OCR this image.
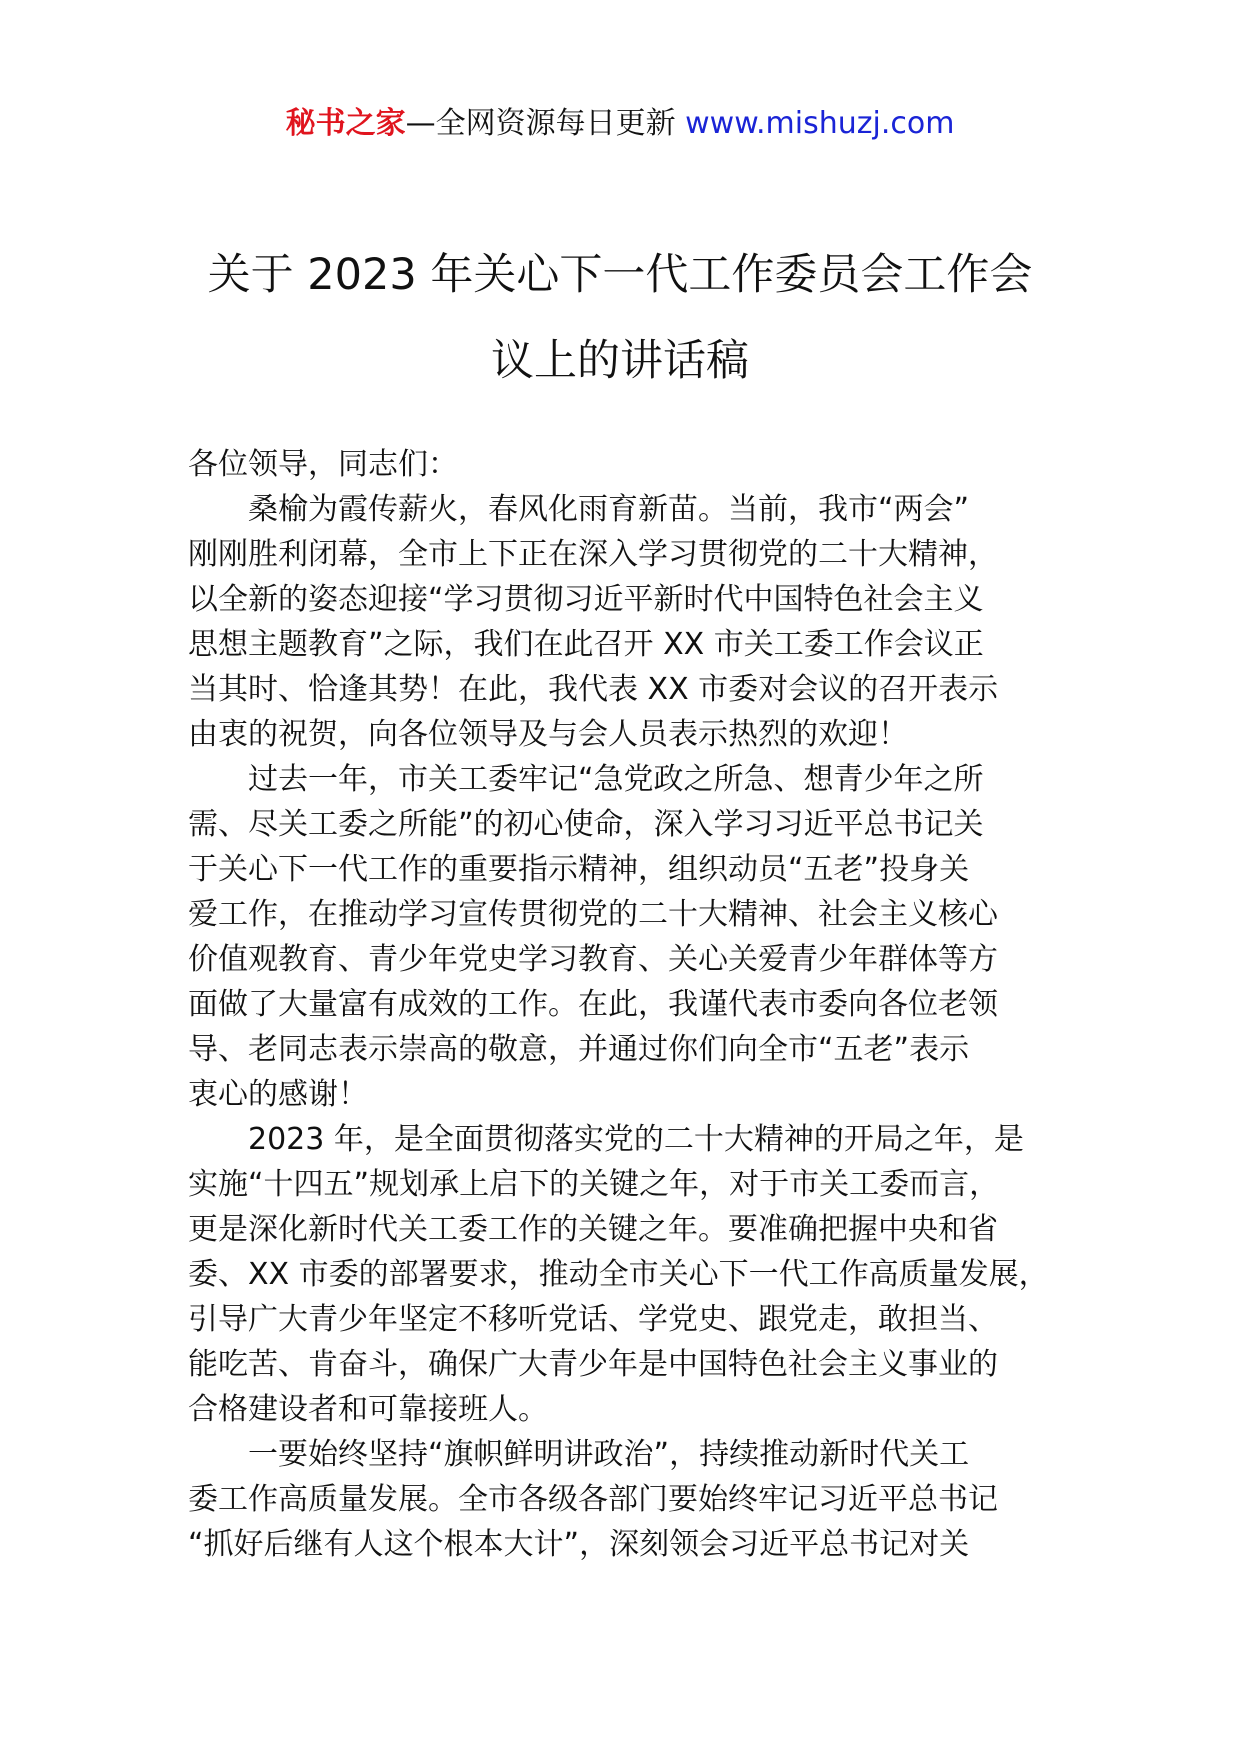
秘书之家—全网资源每日更新 www.mishuzj.com
关于 2023 年关心下一代工作委员会工作会
议上的讲话稿
各位领导，同志们：
桑榆为霞传薪火，春风化雨育新苗。当前，我市“两会”
刚刚胜利闭幕，全市上下正在深入学习贯彻党的二十大精神，
以全新的姿态迎接“学习贯彻习近平新时代中国特色社会主义
思想主题教育”之际，我们在此召开 XX 市关工委工作会议正
当其时、恰逢其势！在此，我代表 XX 市委对会议的召开表示
由衷的祝贺，向各位领导及与会人员表示热烈的欢迎！
过去一年，市关工委牢记“急党政之所急、想青少年之所
需、尽关工委之所能”的初心使命，深入学习习近平总书记关
于关心下一代工作的重要指示精神，组织动员“五老”投身关
爱工作，在推动学习宣传贯彻党的二十大精神、社会主义核心
价值观教育、青少年党史学习教育、关心关爱青少年群体等方
面做了大量富有成效的工作。在此，我谨代表市委向各位老领
导、老同志表示崇高的敬意，并通过你们向全市“五老”表示
衷心的感谢！
2023 年，是全面贯彻落实党的二十大精神的开局之年，是
实施“十四五”规划承上启下的关键之年，对于市关工委而言，
更是深化新时代关工委工作的关键之年。要准确把握中央和省
委、XX 市委的部署要求，推动全市关心下一代工作高质量发展，
引导广大青少年坚定不移听党话、学党史、跟党走，敢担当、
能吃苦、肯奋斗，确保广大青少年是中国特色社会主义事业的
合格建设者和可靠接班人。
一要始终坚持“旗帜鲜明讲政治”，持续推动新时代关工
委工作高质量发展。全市各级各部门要始终牢记习近平总书记
“抓好后继有人这个根本大计”，深刻领会习近平总书记对关
